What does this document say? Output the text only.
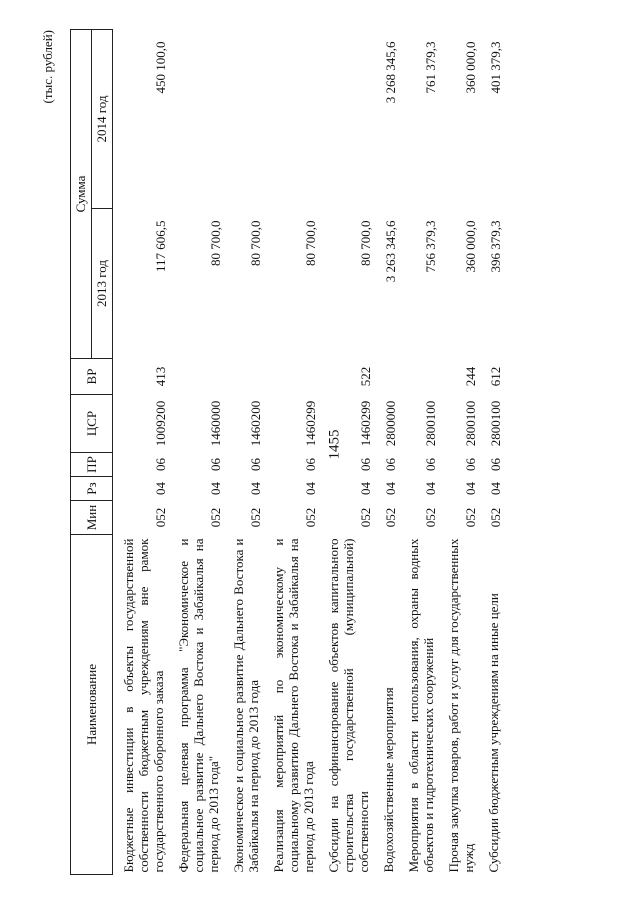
1455
(тыс. рублей)
Наименование	Мин	Рз	ПР	ЦСР	ВР	Сумма	
						2013 год	2014 год

Бюджетные инвестиции в объекты государственной собственности бюджетным учреждениям вне рамок государственного оборонного заказа	052	04	06	1009200	413	117 606,5	450 100,0

Федеральная целевая программа "Экономическое и социальное развитие Дальнего Востока и Забайкалья на период до 2013 года"	052	04	06	1460000		80 700,0	

Экономическое и социальное развитие Дальнего Востока и Забайкалья на период до 2013 года	052	04	06	1460200		80 700,0	

Реализация мероприятий по экономическому и социальному развитию Дальнего Востока и Забайкалья на период до 2013 года	052	04	06	1460299		80 700,0	

Субсидии на софинансирование объектов капитального строительства государственной (муниципальной) собственности	052	04	06	1460299	522	80 700,0	

Водохозяйственные мероприятия	052	04	06	2800000		3 263 345,6	3 268 345,6

Мероприятия в области использования, охраны водных объектов и гидротехнических сооружений	052	04	06	2800100		756 379,3	761 379,3

Прочая закупка товаров, работ и услуг для государственных нужд	052	04	06	2800100	244	360 000,0	360 000,0

Субсидии бюджетным учреждениям на иные цели	052	04	06	2800100	612	396 379,3	401 379,3
